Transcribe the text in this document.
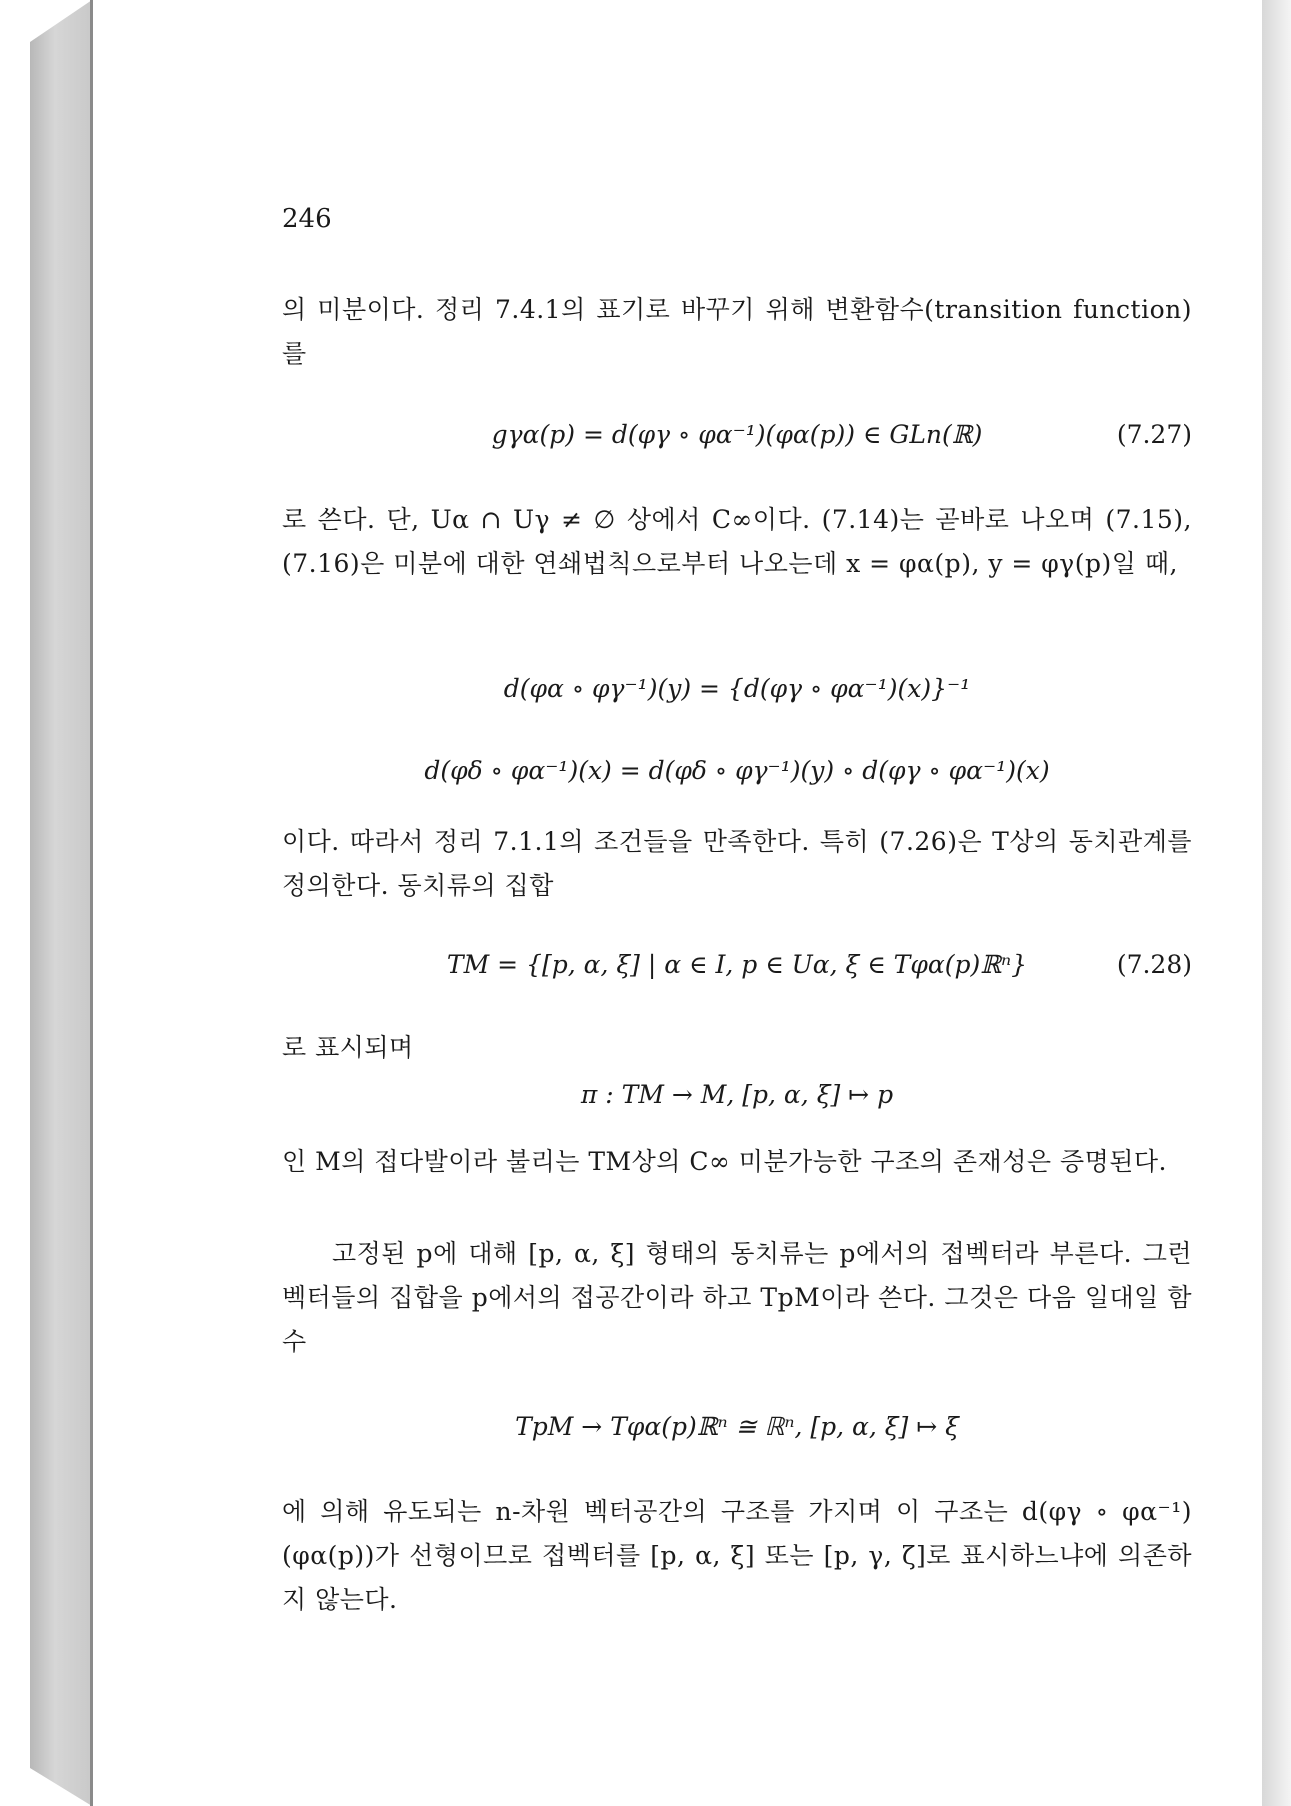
246

의 미분이다. 정리 7.4.1의 표기로 바꾸기 위해 변환함수(transition function)를

gγα(p) = d(φγ ∘ φα⁻¹)(φα(p)) ∈ GLn(ℝ)	(7.27)

로 쓴다. 단, Uα ∩ Uγ ≠ ∅ 상에서 C∞이다. (7.14)는 곧바로 나오며 (7.15), (7.16)은 미분에 대한 연쇄법칙으로부터 나오는데 x = φα(p), y = φγ(p)일 때,

d(φα ∘ φγ⁻¹)(y) = {d(φγ ∘ φα⁻¹)(x)}⁻¹
d(φδ ∘ φα⁻¹)(x) = d(φδ ∘ φγ⁻¹)(y) ∘ d(φγ ∘ φα⁻¹)(x)

이다. 따라서 정리 7.1.1의 조건들을 만족한다. 특히 (7.26)은 T상의 동치관계를 정의한다. 동치류의 집합

TM = {[p, α, ξ] | α ∈ I, p ∈ Uα, ξ ∈ Tφα(p)ℝⁿ}	(7.28)

로 표시되며

π : TM → M, [p, α, ξ] ↦ p

인 M의 접다발이라 불리는 TM상의 C∞ 미분가능한 구조의 존재성은 증명된다.

고정된 p에 대해 [p, α, ξ] 형태의 동치류는 p에서의 접벡터라 부른다. 그런 벡터들의 집합을 p에서의 접공간이라 하고 TpM이라 쓴다. 그것은 다음 일대일 함수

TpM → Tφα(p)ℝⁿ ≅ ℝⁿ, [p, α, ξ] ↦ ξ

에 의해 유도되는 n-차원 벡터공간의 구조를 가지며 이 구조는 d(φγ ∘ φα⁻¹)(φα(p))가 선형이므로 접벡터를 [p, α, ξ] 또는 [p, γ, ζ]로 표시하느냐에 의존하지 않는다.
